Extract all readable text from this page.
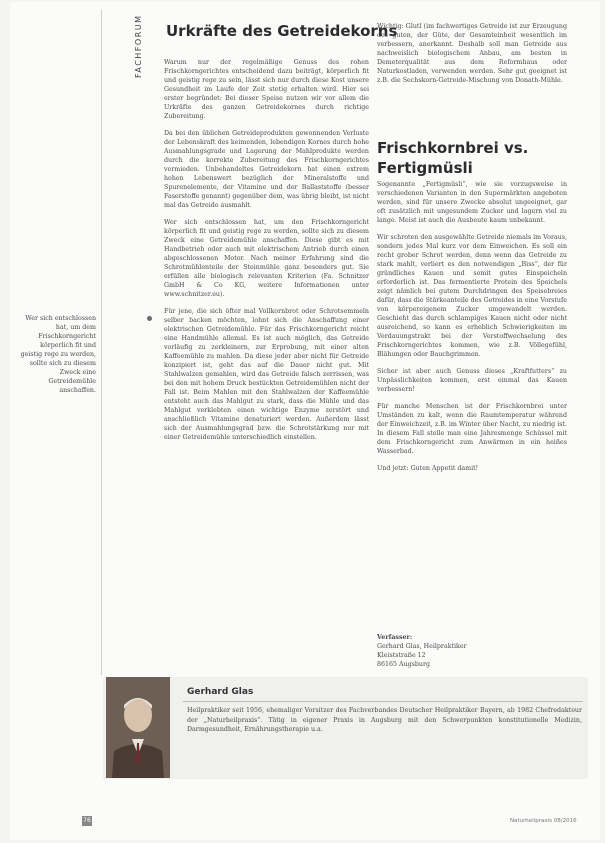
FACHFORUM	Urkräfte des Getreidekorns

Warum nur der regelmäßige Genuss des rohen Frischkorngerichtes entscheidend dazu beiträgt, körperlich fit und geistig rege zu sein, lässt sich nur durch diese Kost unsere Gesundheit im Laufe der Zeit stetig erhalten wird. Hier sei erster begründet: Bei dieser Speise nutzen wir vor allem die Urkräfte des ganzen Getreidekornes durch richtige Zubereitung.

Da bei den üblichen Getreideprodukten gewonnenden Verluste der Lebenskraft des keimenden, lebendigen Kornes durch hohe Ausmahlungsgrade und Lagerung der Mahlprodukte werden durch die korrekte Zubereitung des Frischkorngerichtes vermieden. Unbehandeltes Getreidekorn hat einen extrem hohen Lebenswert bezüglich der Mineralstoffe und Spurenelemente, der Vitamine und der Ballaststoffe (besser Faserstoffe genannt) gegenüber dem, was übrig bleibt, ist nicht mal das Getreide ausmahlt.

Wer sich entschlossen hat, um den Frischkorngericht körperlich fit und geistig rege zu werden, sollte sich zu diesem Zweck eine Getreidemühle anschaffen. Diese gibt es mit Handbetrieb oder auch mit elektrischem Antrieb durch einen abgeschlossenen Motor. Nach meiner Erfahrung sind die Schrotmühlenteile der Steinmühle ganz besonders gut. Sie erfüllen alle biologisch relevanten Kriterien (Fa. Schnitzer GmbH & Co KG, weitere Informationen unter www.schnitzer.eu).

Für jene, die sich öfter mal Vollkornbrot oder Schrotsemmeln selber backen möchten, lohnt sich die Anschaffung einer elektrischen Getreidemühle. Für das Frischkorngericht reicht eine Handmühle allemal. Es ist auch möglich, das Getreide vorläufig zu zerkleinern, zur Erprobung, mit einer alten Kaffeemühle zu mahlen. Da diese jeder aber nicht für Getreide konzipiert ist, geht das auf die Dauer nicht gut. Mit Stahlwalzen gemahlen, wird das Getreide falsch zerrissen, was bei den mit hohem Druck bestückten Getreidemühlen nicht der Fall ist. Beim Mahlen mit den Stahlwalzen der Kaffeemühle entsteht auch das Mahlgut zu stark, dass die Mühle und das Mahlgut verklebten einen wichtige Enzyme zerstört und anschließlich Vitamine denaturiert werden. Außerdem lässt sich der Ausmahlungsgrad bzw. die Schrotstärkung nur mit einer Getreidemühle unterschiedlich einstellen.

Wer sich entschlossen hat, um dem Frischkorngericht körperlich fit und geistig rege zu werden, sollte sich zu diesem Zweck eine Getreidemühle anschaffen.

Wichtig: Glutl (im fachwertiges Getreide ist zur Erzeugung des guten, der Güte, der Gesamteinheit wesentlich im verbessern, anerkannt. Deshalb soll man Getreide aus nachweislich biologischem Anbau, am besten in Demeterqualität aus dem Reformhaus oder Naturkostladen, verwenden werden. Sehr gut geeignet ist z.B. die Sechskorn-Getreide-Mischung von Donath-Mühle.

Frischkornbrei vs. Fertigmüsli

Sogenannte „Fertigmüsli“, wie sie vorzugsweise in verschiedenen Varianten in den Supermärkten angeboten werden, sind für unsere Zwecke absolut ungeeignet, gar oft zusätzlich mit ungesundem Zucker und lagern viel zu lange. Meist ist auch die Ausbeute kaum unbekannt.

Wir schroten den ausgewählte Getreide niemals im Voraus, sondern jedes Mal kurz vor dem Einweichen. Es soll ein recht grober Schrot werden, denn wenn das Getreide zu stark mahlt, verliert es den notwendigen „Biss“, der für gründliches Kauen und somit gutes Einspeicheln erforderlich ist. Das fermentierte Protein des Speichels zeigt nämlich bei gutem Durchdringen des Speisebreies dafür, dass die Stärkeanteile des Getreides in eine Vorstufe von körpereigenem Zucker umgewandelt werden. Geschieht das durch schlampiges Kauen nicht oder nicht ausreichend, so kann es erheblich Schwierigkeiten im Verdauungstrakt bei der Verstoffwechselung des Frischkorngerichtes kommen, wie z.B. Völlegefühl, Blähungen oder Bauchgrimmen.

Sicher ist aber auch Genuss dieses „Kraftfutters“ zu Unpässlichkeiten kommen, erst einmal das Kauen verbessern!

Für manche Menschen ist der Frischkornbrei unter Umständen zu kalt, wenn die Raumtemperatur während der Einweichzeit, z.B. im Winter über Nacht, zu niedrig ist. In diesem Fall stelle man eine Jahresmenge Schüssel mit dem Frischkorngericht zum Anwärmen in ein heißes Wasserbad.

Und jetzt: Guten Appetit damit!

Verfasser:
Gerhard Glas, Heilpraktiker
Kleiststraße 12
86165 Augsburg
Gerhard Glas
Heilpraktiker seit 1956, ehemaliger Vorsitzer des Fachverbandes Deutscher Heilpraktiker Bayern, ab 1982 Chefredakteur der „Naturheilpraxis“. Tätig in eigener Praxis in Augsburg mit den Schwerpunkten konstitutionelle Medizin, Darmgesundheit, Ernährungstherapie u.a.
76	Naturheilpraxis 08/2016
